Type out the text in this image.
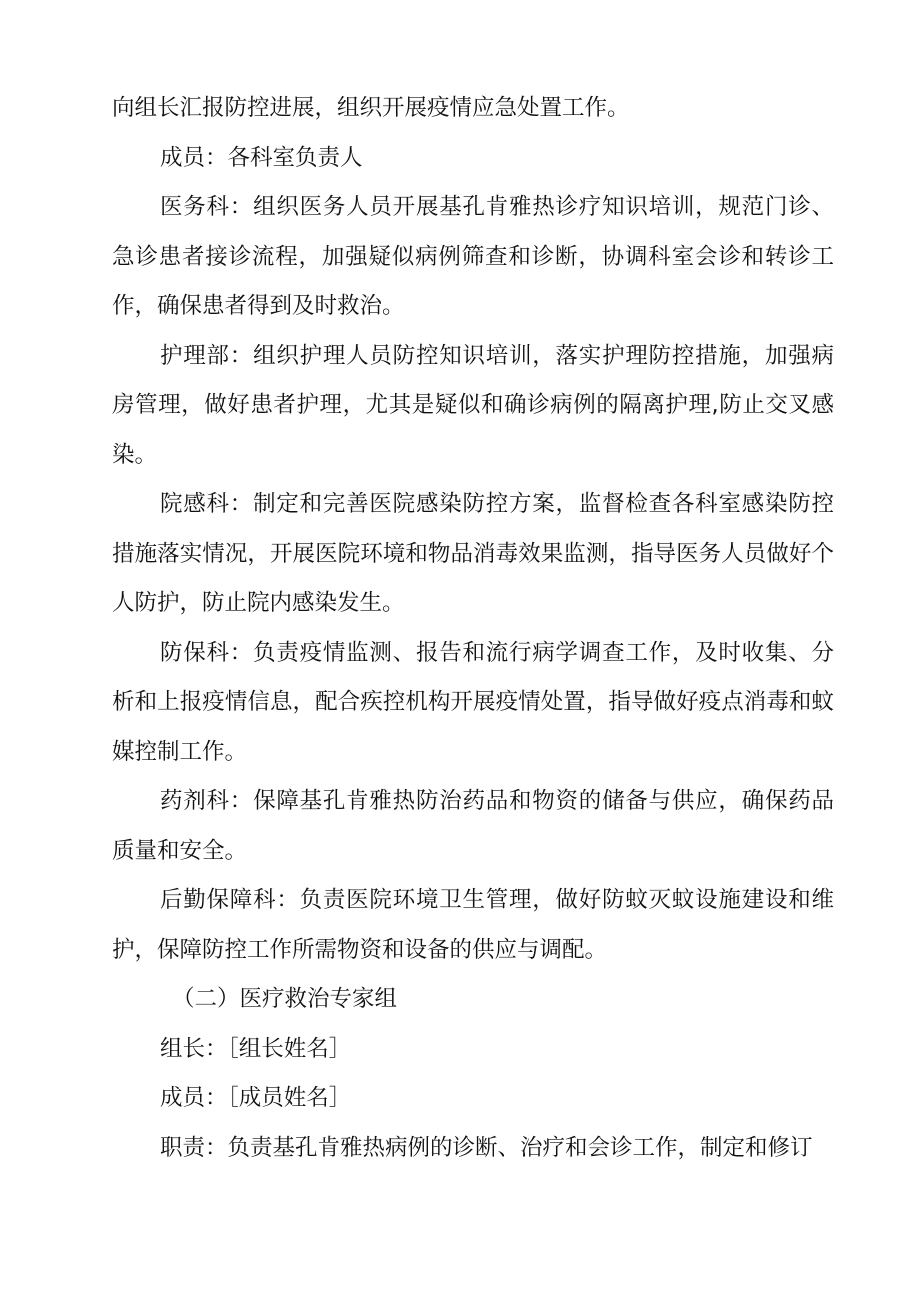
向组长汇报防控进展，组织开展疫情应急处置工作。

成员：各科室负责人

医务科：组织医务人员开展基孔肯雅热诊疗知识培训，规范门诊、急诊患者接诊流程，加强疑似病例筛查和诊断，协调科室会诊和转诊工作，确保患者得到及时救治。

护理部：组织护理人员防控知识培训，落实护理防控措施，加强病房管理，做好患者护理，尤其是疑似和确诊病例的隔离护理,防止交叉感染。

院感科：制定和完善医院感染防控方案，监督检查各科室感染防控措施落实情况，开展医院环境和物品消毒效果监测，指导医务人员做好个人防护，防止院内感染发生。

防保科：负责疫情监测、报告和流行病学调查工作，及时收集、分析和上报疫情信息，配合疾控机构开展疫情处置，指导做好疫点消毒和蚊媒控制工作。

药剂科：保障基孔肯雅热防治药品和物资的储备与供应，确保药品质量和安全。

后勤保障科：负责医院环境卫生管理，做好防蚊灭蚊设施建设和维护，保障防控工作所需物资和设备的供应与调配。

（二）医疗救治专家组

组长：［组长姓名］

成员：［成员姓名］

职责：负责基孔肯雅热病例的诊断、治疗和会诊工作，制定和修订
